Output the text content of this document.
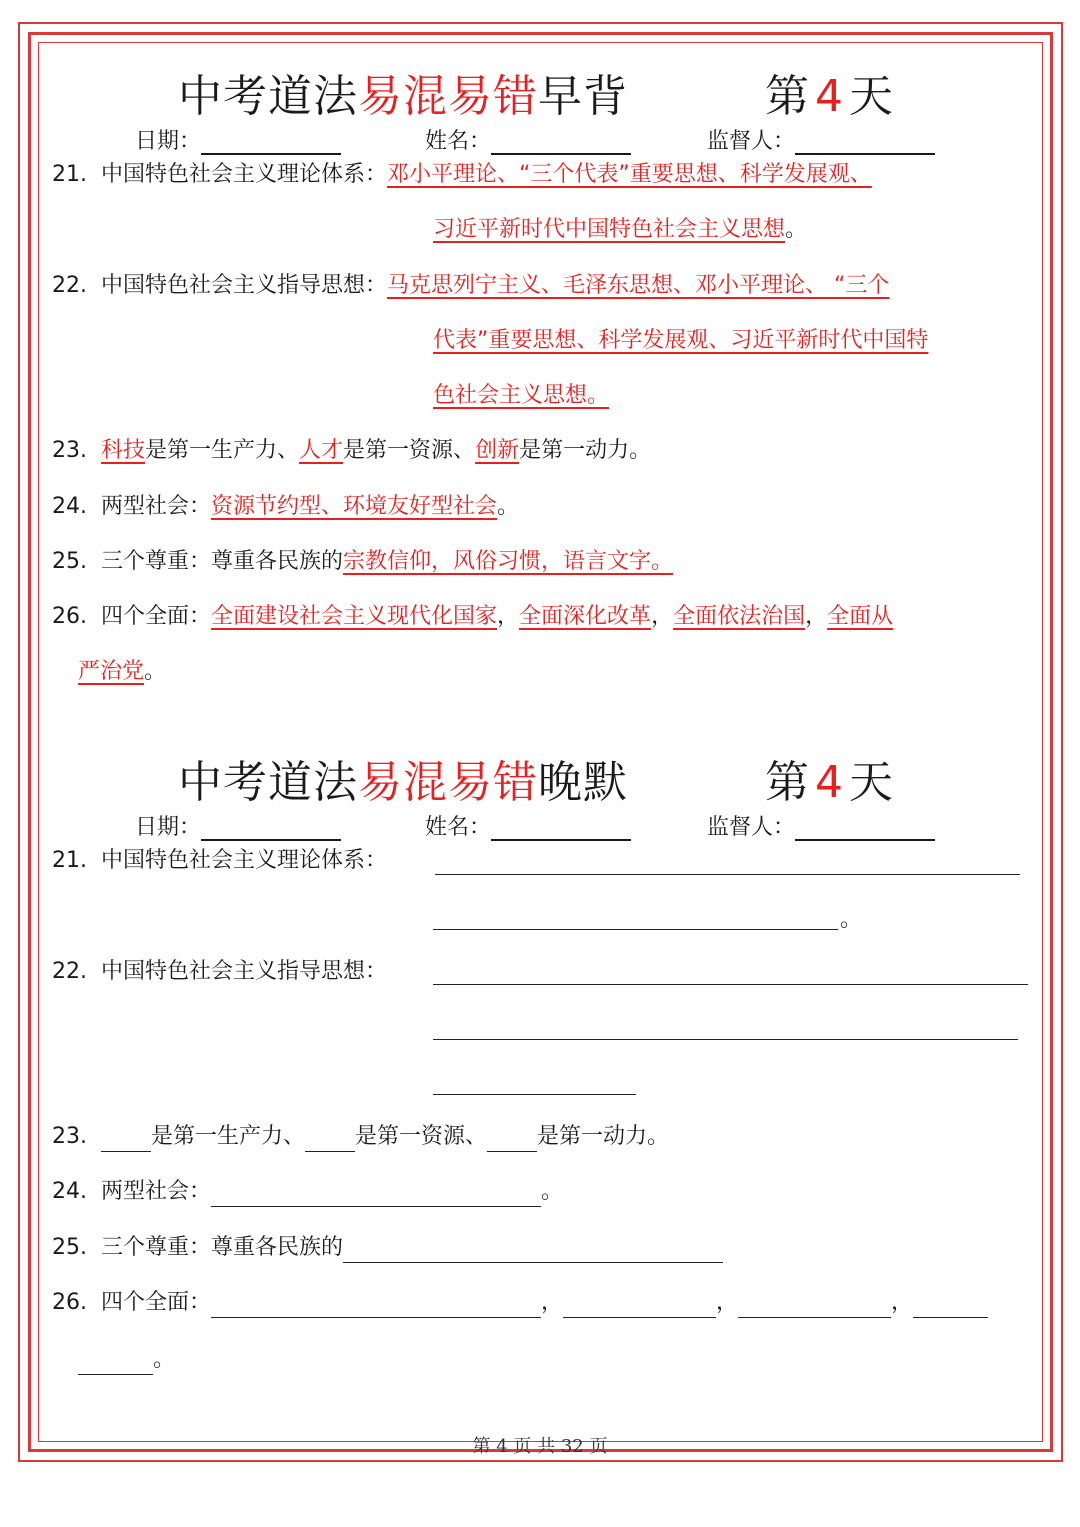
中考道法易混易错早背	第 4 天
日期：	姓名：	监督人：
21. 中国特色社会主义理论体系：邓小平理论、“三个代表”重要思想、科学发展观、
习近平新时代中国特色社会主义思想。
22. 中国特色社会主义指导思想：马克思列宁主义、毛泽东思想、邓小平理论、 “三个
代表”重要思想、科学发展观、习近平新时代中国特
色社会主义思想。
23. 科技是第一生产力、人才是第一资源、创新是第一动力。
24. 两型社会：资源节约型、环境友好型社会。
25. 三个尊重：尊重各民族的宗教信仰，风俗习惯，语言文字。
26. 四个全面：全面建设社会主义现代化国家，全面深化改革，全面依法治国，全面从
严治党。
中考道法易混易错晚默	第 4 天
日期：	姓名：	监督人：
21. 中国特色社会主义理论体系：
。
22. 中国特色社会主义指导思想：
23.	是第一生产力、 是第一资源、 是第一动力。
24. 两型社会：	。
25. 三个尊重：尊重各民族的
26. 四个全面：	，	，	，
。
第 4 页 共 32 页
